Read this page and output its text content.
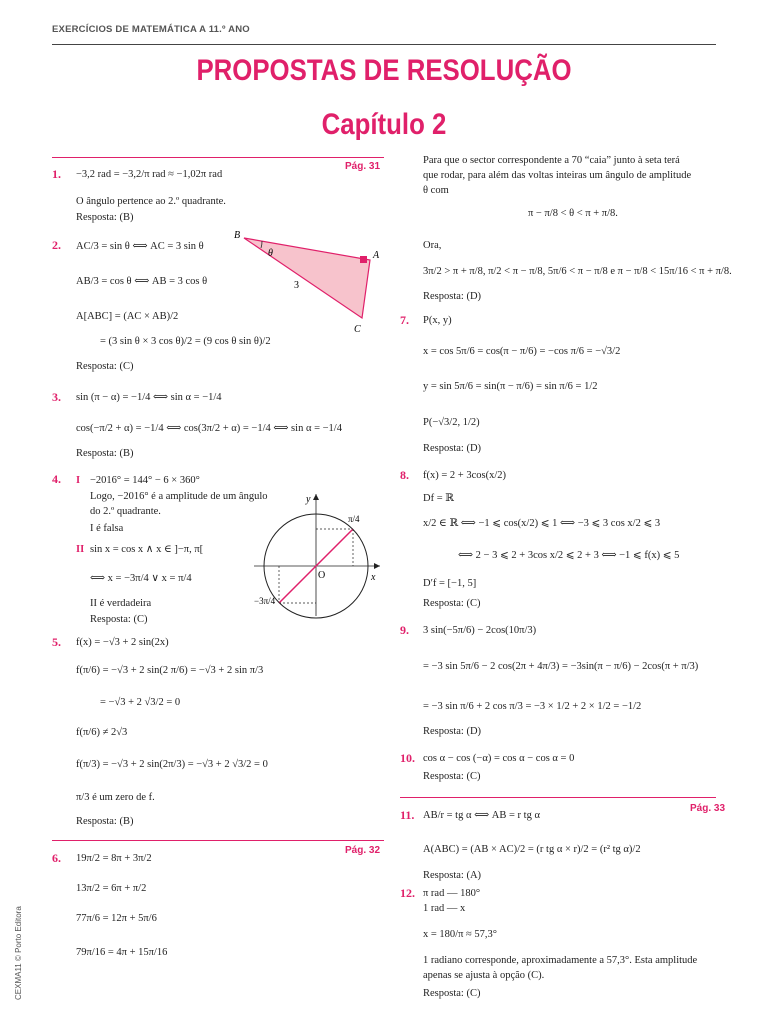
EXERCÍCIOS DE MATEMÁTICA A 11.º ANO
PROPOSTAS DE RESOLUÇÃO
Capítulo 2
CEXMA11 © Porto Editora
Pág. 31
1. −3,2 rad = −3,2/π rad ≈ −1,02π rad
O ângulo pertence ao 2.º quadrante.
Resposta: (B)
2. AC/3 = sin θ ⟺ AC = 3 sin θ
AB/3 = cos θ ⟺ AB = 3 cos θ
A[ABC] = (AC × AB)/2
= (3 sin θ × 3 cos θ)/2 = (9 cos θ sin θ)/2
Resposta: (C)
B
A
C
θ
3
3. sin (π − α) = −1/4 ⟺ sin α = −1/4
cos(−π/2 + α) = −1/4 ⟺ cos(3π/2 + α) = −1/4 ⟺ sin α = −1/4
Resposta: (B)
4. I −2016° = 144° − 6 × 360°
Logo, −2016° é a amplitude de um ângulo
do 2.º quadrante.
I é falsa
II sin x = cos x ∧ x ∈ ]−π, π[
⟺ x = −3π/4 ∨ x = π/4
II é verdadeira
Resposta: (C)
y
x
O
π/4
−3π/4
5. f(x) = −√3 + 2 sin(2x)
f(π/6) = −√3 + 2 sin(2 π/6) = −√3 + 2 sin π/3
= −√3 + 2 √3/2 = 0
f(π/6) ≠ 2√3
f(π/3) = −√3 + 2 sin(2π/3) = −√3 + 2 √3/2 = 0
π/3 é um zero de f.
Resposta: (B)
Pág. 32
6. 19π/2 = 8π + 3π/2
13π/2 = 6π + π/2
77π/6 = 12π + 5π/6
79π/16 = 4π + 15π/16
Para que o sector correspondente a 70 “caia” junto à seta terá
que rodar, para além das voltas inteiras um ângulo de amplitude
θ com
π − π/8 < θ < π + π/8.
Ora,
3π/2 > π + π/8, π/2 < π − π/8, 5π/6 < π − π/8 e π − π/8 < 15π/16 < π + π/8.
Resposta: (D)
7. P(x, y)
x = cos 5π/6 = cos(π − π/6) = −cos π/6 = −√3/2
y = sin 5π/6 = sin(π − π/6) = sin π/6 = 1/2
P(−√3/2, 1/2)
Resposta: (D)
8. f(x) = 2 + 3cos(x/2)
Df = ℝ
x/2 ∈ ℝ ⟺ −1 ⩽ cos(x/2) ⩽ 1 ⟺ −3 ⩽ 3 cos x/2 ⩽ 3
⟺ 2 − 3 ⩽ 2 + 3cos x/2 ⩽ 2 + 3 ⟺ −1 ⩽ f(x) ⩽ 5
D′f = [−1, 5]
Resposta: (C)
9. 3 sin(−5π/6) − 2cos(10π/3)
= −3 sin 5π/6 − 2 cos(2π + 4π/3) = −3sin(π − π/6) − 2cos(π + π/3)
= −3 sin π/6 + 2 cos π/3 = −3 × 1/2 + 2 × 1/2 = −1/2
Resposta: (D)
10. cos α − cos (−α) = cos α − cos α = 0
Resposta: (C)
Pág. 33
11. AB/r = tg α ⟺ AB = r tg α
A(ABC) = (AB × AC)/2 = (r tg α × r)/2 = (r² tg α)/2
Resposta: (A)
12. π rad — 180°
1 rad — x
x = 180/π ≈ 57,3°
1 radiano corresponde, aproximadamente a 57,3°. Esta amplitude
apenas se ajusta à opção (C).
Resposta: (C)
